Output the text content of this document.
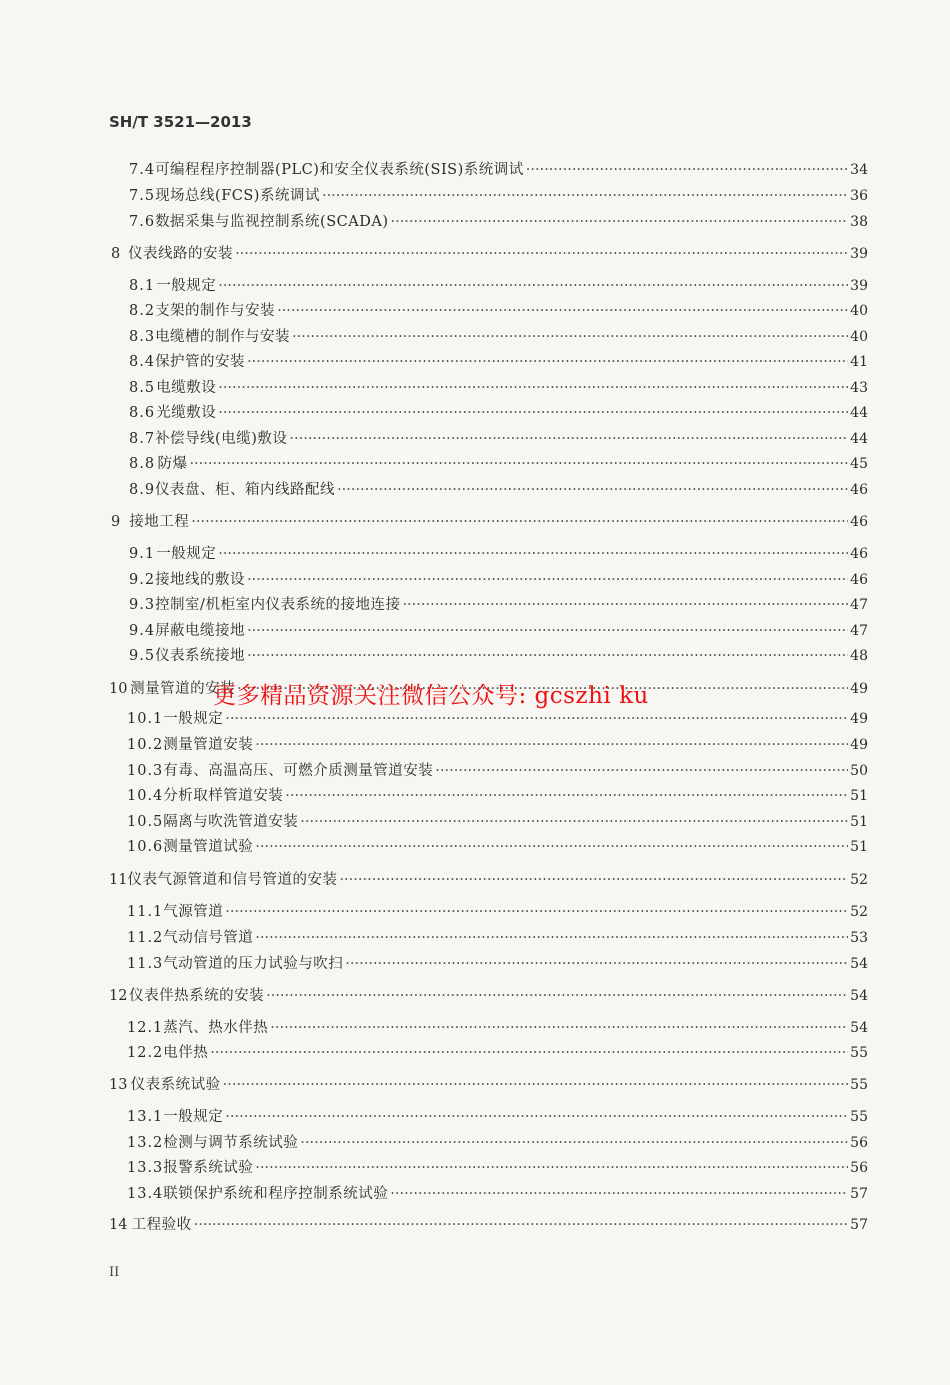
SH/T 3521—2013
7.4 可编程程序控制器(PLC)和安全仪表系统(SIS)系统调试 ·····	34
7.5 现场总线(FCS)系统调试 ·····	36
7.6 数据采集与监视控制系统(SCADA) ·····	38
8 仪表线路的安装 ·····	39
8.1 一般规定 ·····	39
8.2 支架的制作与安装 ·····	40
8.3 电缆槽的制作与安装 ·····	40
8.4 保护管的安装 ·····	41
8.5 电缆敷设 ·····	43
8.6 光缆敷设 ·····	44
8.7 补偿导线(电缆)敷设 ·····	44
8.8 防爆 ·····	45
8.9 仪表盘、柜、箱内线路配线 ·····	46
9 接地工程 ·····	46
9.1 一般规定 ·····	46
9.2 接地线的敷设 ·····	46
9.3 控制室/机柜室内仪表系统的接地连接 ·····	47
9.4 屏蔽电缆接地 ·····	47
9.5 仪表系统接地 ·····	48
10 测量管道的安装 ·····	49
10.1 一般规定 ·····	49
10.2 测量管道安装 ·····	49
10.3 有毒、高温高压、可燃介质测量管道安装 ·····	50
10.4 分析取样管道安装 ·····	51
10.5 隔离与吹洗管道安装 ·····	51
10.6 测量管道试验 ·····	51
11 仪表气源管道和信号管道的安装 ·····	52
11.1 气源管道 ·····	52
11.2 气动信号管道 ·····	53
11.3 气动管道的压力试验与吹扫 ·····	54
12 仪表伴热系统的安装 ·····	54
12.1 蒸汽、热水伴热 ·····	54
12.2 电伴热 ·····	55
13 仪表系统试验 ·····	55
13.1 一般规定 ·····	55
13.2 检测与调节系统试验 ·····	56
13.3 报警系统试验 ·····	56
13.4 联锁保护系统和程序控制系统试验 ·····	57
14 工程验收 ·····	57
更多精品资源关注微信公众号: gcszhi ku
II
